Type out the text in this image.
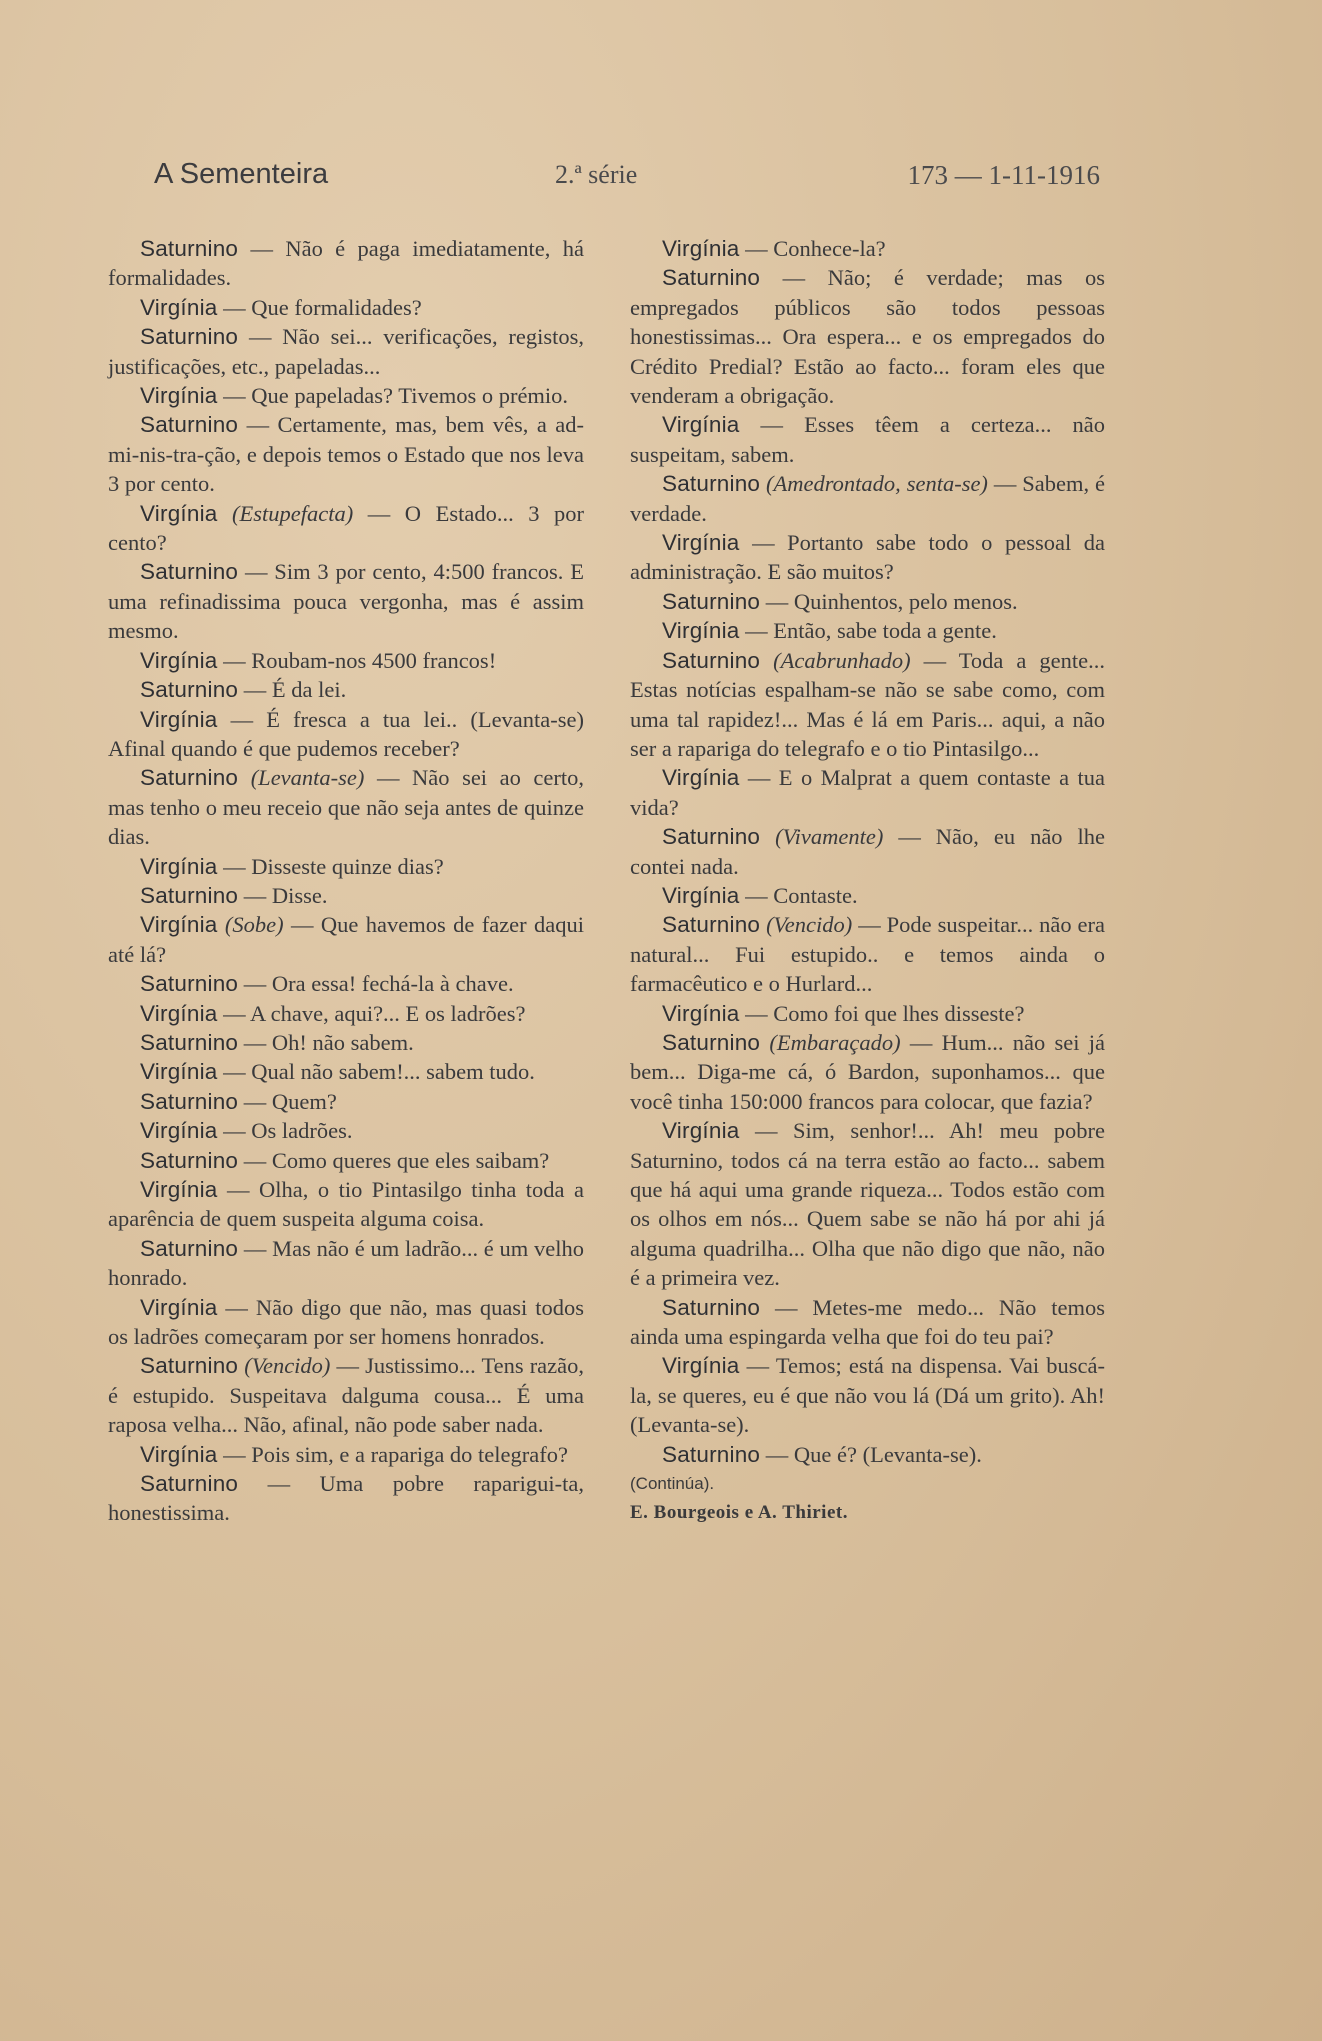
A Sementeira	2.ª série	173 — 1-11-1916

Saturnino — Não é paga imediatamente, há formalidades.

Virgínia — Que formalidades?

Saturnino — Não sei... verificações, registos, justificações, etc., papeladas...

Virgínia — Que papeladas? Tivemos o prémio.

Saturnino — Certamente, mas, bem vês, a ad-mi-nis-tra-ção, e depois temos o Estado que nos leva 3 por cento.

Virgínia (Estupefacta) — O Estado... 3 por cento?

Saturnino — Sim 3 por cento, 4:500 francos. E uma refinadissima pouca vergonha, mas é assim mesmo.

Virgínia — Roubam-nos 4500 francos!

Saturnino — É da lei.

Virgínia — É fresca a tua lei.. (Levanta-se) Afinal quando é que pudemos receber?

Saturnino (Levanta-se) — Não sei ao certo, mas tenho o meu receio que não seja antes de quinze dias.

Virgínia — Disseste quinze dias?

Saturnino — Disse.

Virgínia (Sobe) — Que havemos de fazer daqui até lá?

Saturnino — Ora essa! fechá-la à chave.

Virgínia — A chave, aqui?... E os ladrões?

Saturnino — Oh! não sabem.

Virgínia — Qual não sabem!... sabem tudo.

Saturnino — Quem?

Virgínia — Os ladrões.

Saturnino — Como queres que eles saibam?

Virgínia — Olha, o tio Pintasilgo tinha toda a aparência de quem suspeita alguma coisa.

Saturnino — Mas não é um ladrão... é um velho honrado.

Virgínia — Não digo que não, mas quasi todos os ladrões começaram por ser homens honrados.

Saturnino (Vencido) — Justissimo... Tens razão, é estupido. Suspeitava dalguma cousa... É uma raposa velha... Não, afinal, não pode saber nada.

Virgínia — Pois sim, e a rapariga do telegrafo?

Saturnino — Uma pobre raparigui-ta, honestissima.

Virgínia — Conhece-la?

Saturnino — Não; é verdade; mas os empregados públicos são todos pessoas honestissimas... Ora espera... e os empregados do Crédito Predial? Estão ao facto... foram eles que venderam a obrigação.

Virgínia — Esses têem a certeza... não suspeitam, sabem.

Saturnino (Amedrontado, senta-se) — Sabem, é verdade.

Virgínia — Portanto sabe todo o pessoal da administração. E são muitos?

Saturnino — Quinhentos, pelo menos.

Virgínia — Então, sabe toda a gente.

Saturnino (Acabrunhado) — Toda a gente... Estas notícias espalham-se não se sabe como, com uma tal rapidez!... Mas é lá em Paris... aqui, a não ser a rapariga do telegrafo e o tio Pintasilgo...

Virgínia — E o Malprat a quem contaste a tua vida?

Saturnino (Vivamente) — Não, eu não lhe contei nada.

Virgínia — Contaste.

Saturnino (Vencido) — Pode suspeitar... não era natural... Fui estupido.. e temos ainda o farmacêutico e o Hurlard...

Virgínia — Como foi que lhes disseste?

Saturnino (Embaraçado) — Hum... não sei já bem... Diga-me cá, ó Bardon, suponhamos... que você tinha 150:000 francos para colocar, que fazia?

Virgínia — Sim, senhor!... Ah! meu pobre Saturnino, todos cá na terra estão ao facto... sabem que há aqui uma grande riqueza... Todos estão com os olhos em nós... Quem sabe se não há por ahi já alguma quadrilha... Olha que não digo que não, não é a primeira vez.

Saturnino — Metes-me medo... Não temos ainda uma espingarda velha que foi do teu pai?

Virgínia — Temos; está na dispensa. Vai buscá-la, se queres, eu é que não vou lá (Dá um grito). Ah! (Levanta-se).

Saturnino — Que é? (Levanta-se).

(Continúa).

E. Bourgeois e A. Thiriet.
